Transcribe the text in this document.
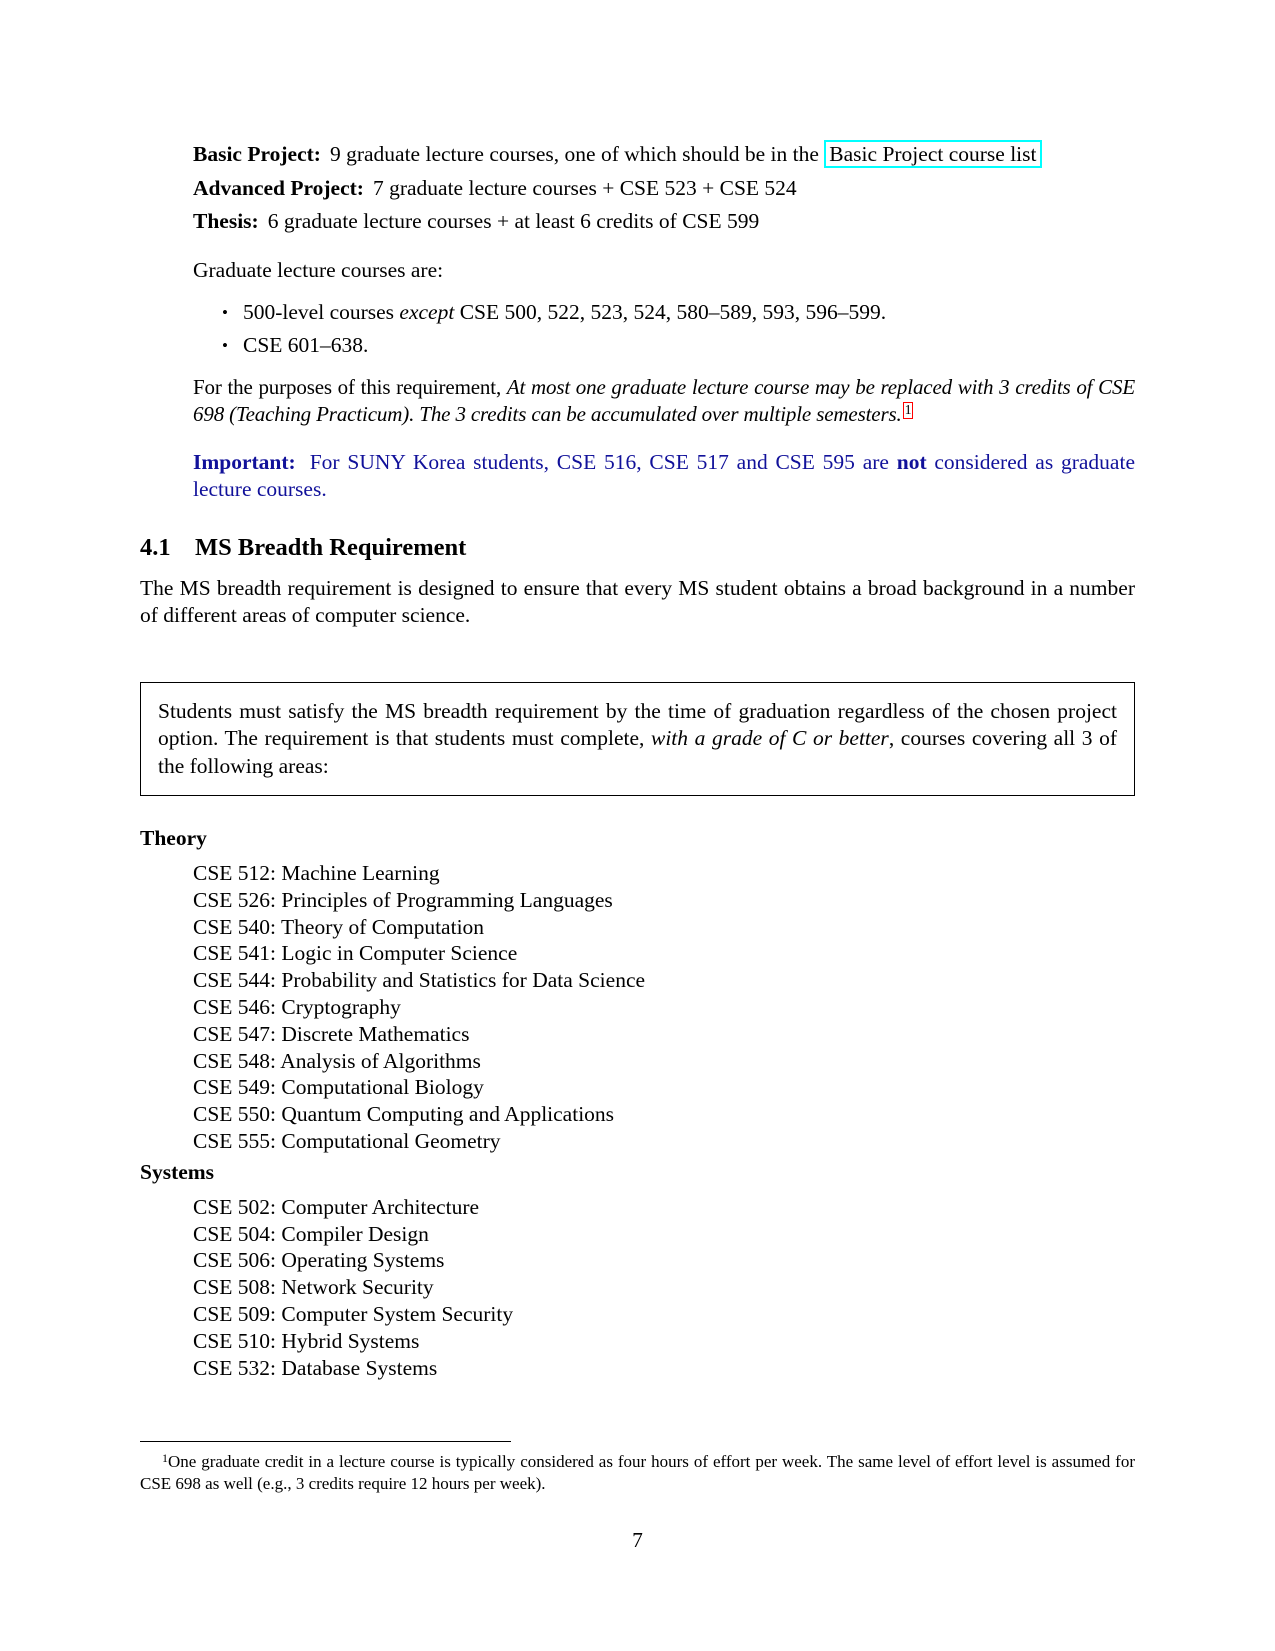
Basic Project: 9 graduate lecture courses, one of which should be in the Basic Project course list
Advanced Project: 7 graduate lecture courses + CSE 523 + CSE 524
Thesis: 6 graduate lecture courses + at least 6 credits of CSE 599
Graduate lecture courses are:
• 500-level courses except CSE 500, 522, 523, 524, 580–589, 593, 596–599.
• CSE 601–638.
For the purposes of this requirement, At most one graduate lecture course may be replaced with 3 credits of CSE 698 (Teaching Practicum). The 3 credits can be accumulated over multiple semesters. $^1$
Important: For SUNY Korea students, CSE 516, CSE 517 and CSE 595 are not considered as graduate lecture courses.
4.1 MS Breadth Requirement
The MS breadth requirement is designed to ensure that every MS student obtains a broad background in a number of different areas of computer science.
Students must satisfy the MS breadth requirement by the time of graduation regardless of the chosen project option. The requirement is that students must complete, with a grade of C or better, courses covering all 3 of the following areas:
Theory
CSE 512: Machine Learning
CSE 526: Principles of Programming Languages
CSE 540: Theory of Computation
CSE 541: Logic in Computer Science
CSE 544: Probability and Statistics for Data Science
CSE 546: Cryptography
CSE 547: Discrete Mathematics
CSE 548: Analysis of Algorithms
CSE 549: Computational Biology
CSE 550: Quantum Computing and Applications
CSE 555: Computational Geometry
Systems
CSE 502: Computer Architecture
CSE 504: Compiler Design
CSE 506: Operating Systems
CSE 508: Network Security
CSE 509: Computer System Security
CSE 510: Hybrid Systems
CSE 532: Database Systems
$^1$One graduate credit in a lecture course is typically considered as four hours of effort per week. The same level of effort level is assumed for CSE 698 as well (e.g., 3 credits require 12 hours per week).
7
